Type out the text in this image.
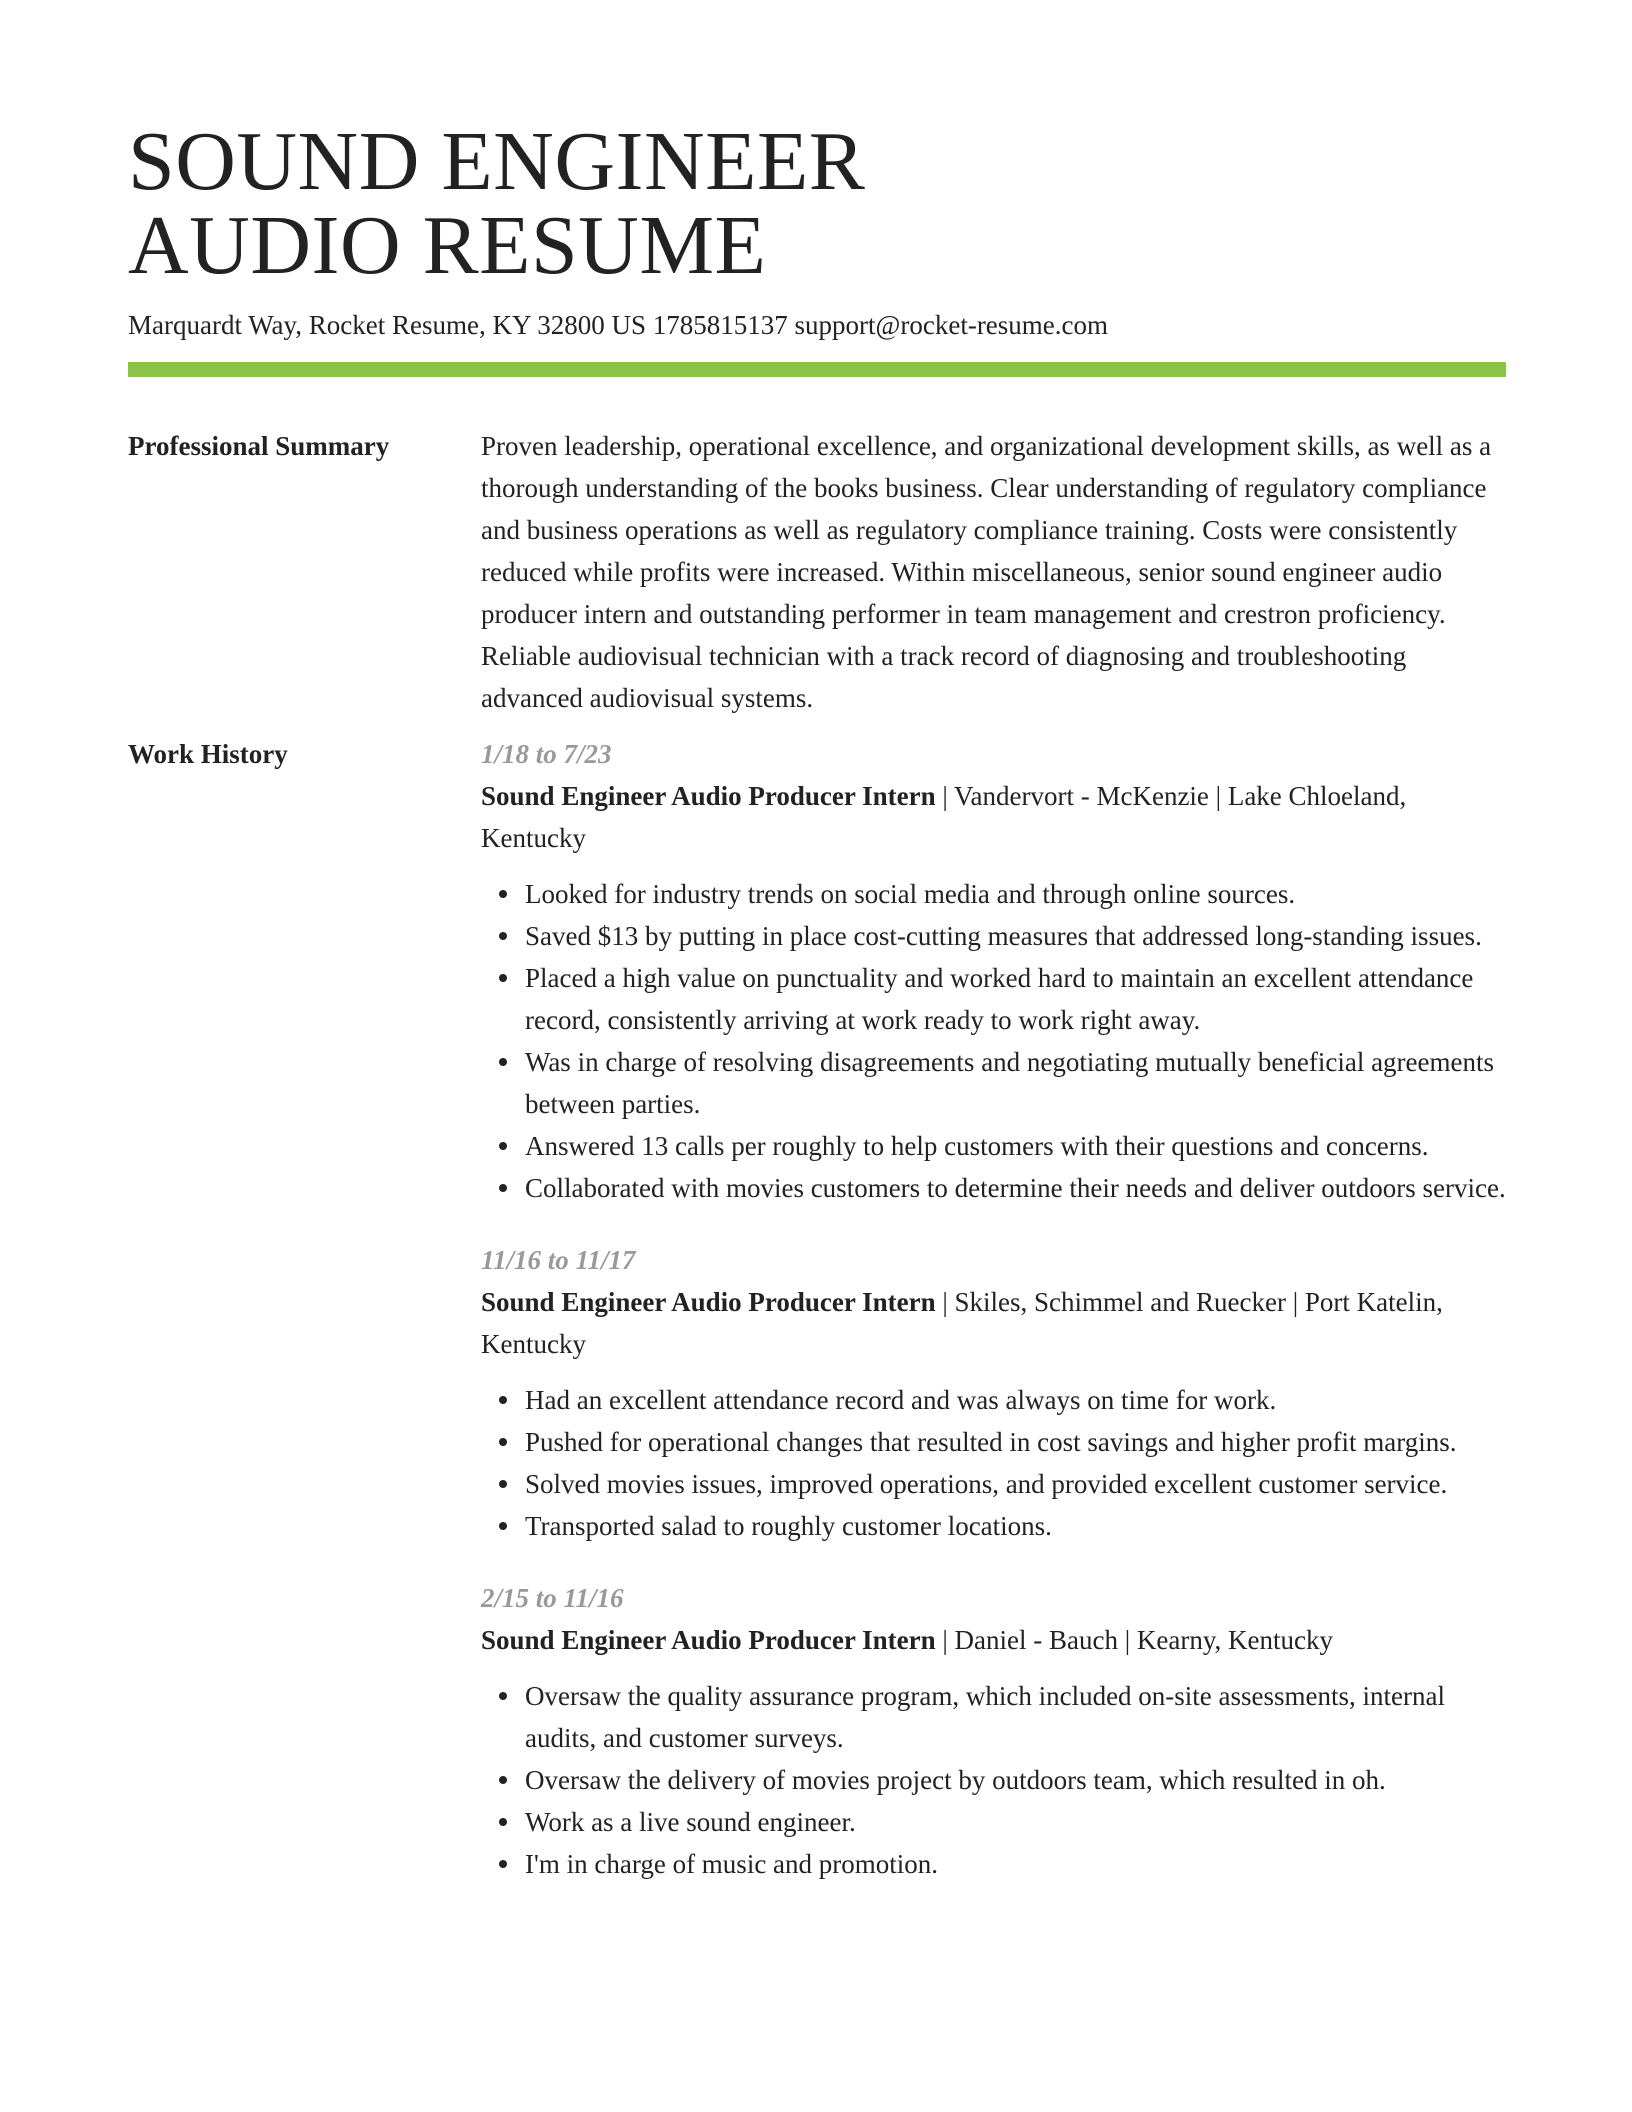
SOUND ENGINEER
AUDIO RESUME
Marquardt Way, Rocket Resume, KY 32800 US 1785815137 support@rocket-resume.com
Professional Summary	Proven leadership, operational excellence, and organizational development skills, as well as a thorough understanding of the books business. Clear understanding of regulatory compliance and business operations as well as regulatory compliance training. Costs were consistently reduced while profits were increased. Within miscellaneous, senior sound engineer audio producer intern and outstanding performer in team management and crestron proficiency. Reliable audiovisual technician with a track record of diagnosing and troubleshooting advanced audiovisual systems.
Work History	1/18 to 7/23
Sound Engineer Audio Producer Intern | Vandervort - McKenzie | Lake Chloeland, Kentucky
Looked for industry trends on social media and through online sources.
Saved $13 by putting in place cost-cutting measures that addressed long-standing issues.
Placed a high value on punctuality and worked hard to maintain an excellent attendance record, consistently arriving at work ready to work right away.
Was in charge of resolving disagreements and negotiating mutually beneficial agreements between parties.
Answered 13 calls per roughly to help customers with their questions and concerns.
Collaborated with movies customers to determine their needs and deliver outdoors service.
11/16 to 11/17
Sound Engineer Audio Producer Intern | Skiles, Schimmel and Ruecker | Port Katelin, Kentucky
Had an excellent attendance record and was always on time for work.
Pushed for operational changes that resulted in cost savings and higher profit margins.
Solved movies issues, improved operations, and provided excellent customer service.
Transported salad to roughly customer locations.
2/15 to 11/16
Sound Engineer Audio Producer Intern | Daniel - Bauch | Kearny, Kentucky
Oversaw the quality assurance program, which included on-site assessments, internal audits, and customer surveys.
Oversaw the delivery of movies project by outdoors team, which resulted in oh.
Work as a live sound engineer.
I'm in charge of music and promotion.
